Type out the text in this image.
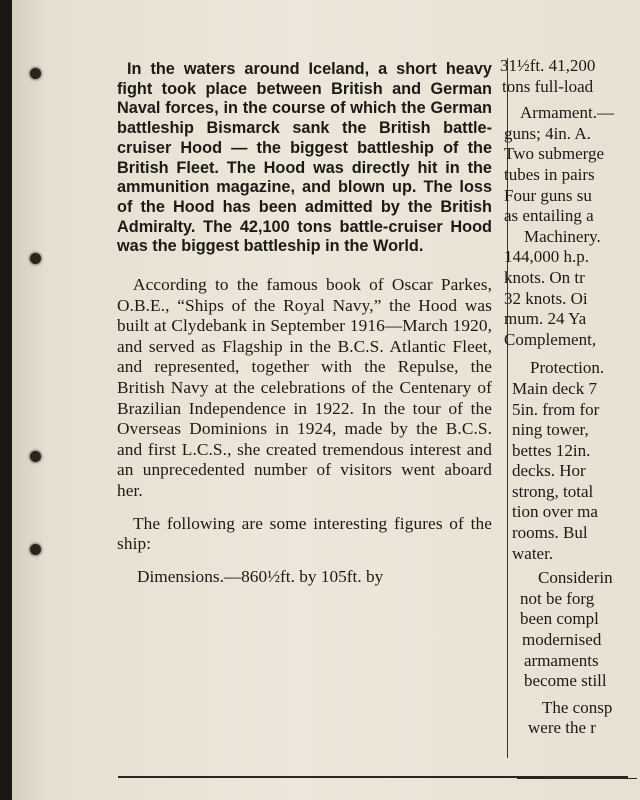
In the waters around Iceland, a short heavy fight took place between British and German Naval forces, in the course of which the German battleship Bismarck sank the British battle-cruiser Hood — the biggest battleship of the British Fleet. The Hood was directly hit in the ammunition magazine, and blown up. The loss of the Hood has been admitted by the British Admiralty. The 42,100 tons battle-cruiser Hood was the biggest battleship in the World.

According to the famous book of Oscar Parkes, O.B.E., “Ships of the Royal Navy,” the Hood was built at Clydebank in September 1916—March 1920, and served as Flagship in the B.C.S. Atlantic Fleet, and represented, together with the Repulse, the British Navy at the celebrations of the Centenary of Brazilian Independence in 1922. In the tour of the Overseas Dominions in 1924, made by the B.C.S. and first L.C.S., she created tremendous interest and an unprecedented number of visitors went aboard her.

The following are some interesting figures of the ship:

Dimensions.—860½ft. by 105ft. by
31½ft. 41,200
tons full-load
Armament.—
guns; 4in. A.
Two submerge
tubes in pairs
Four guns su
as entailing a
Machinery.
144,000 h.p.
knots. On tr
32 knots. Oi
mum. 24 Ya
Complement,
Protection.
Main deck 7
5in. from for
ning tower,
bettes 12in.
decks. Hor
strong, total
tion over ma
rooms. Bul
water.
Considerin
not be forg
been compl
modernised
armaments
become still
The consp
were the r
